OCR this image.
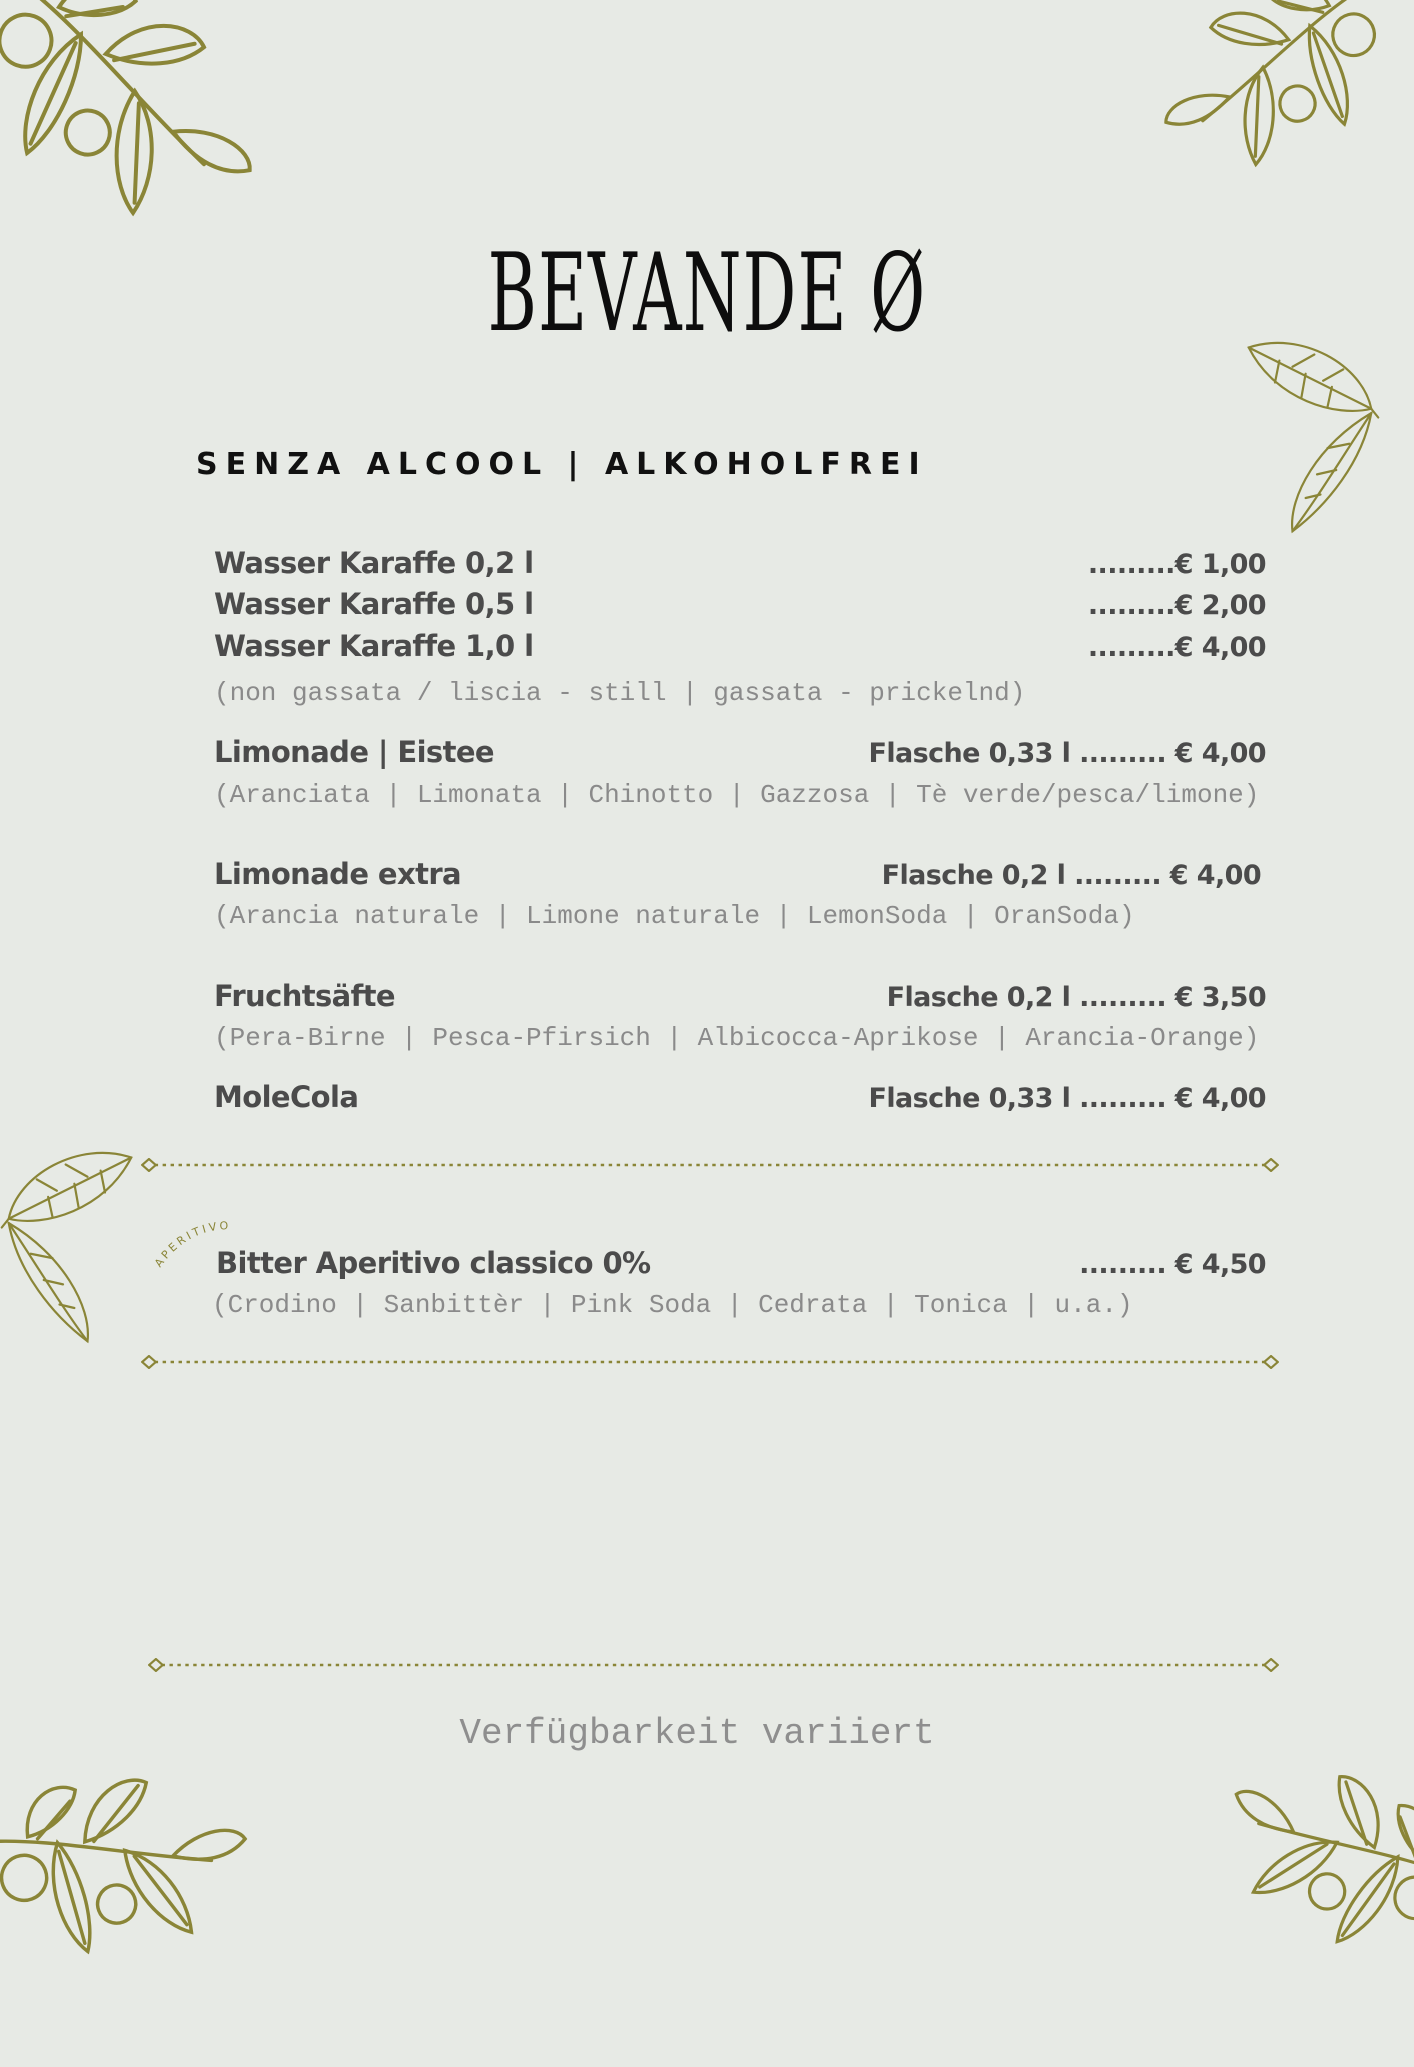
BEVANDE Ø
SENZA ALCOOL | ALKOHOLFREI
Wasser Karaffe 0,2 l	.........€ 1,00
Wasser Karaffe 0,5 l	.........€ 2,00
Wasser Karaffe 1,0 l	.........€ 4,00
(non gassata / liscia - still | gassata - prickelnd)
Limonade | Eistee	Flasche 0,33 l ......... € 4,00
(Aranciata | Limonata | Chinotto | Gazzosa | Tè verde/pesca/limone)
Limonade extra	Flasche 0,2 l ......... € 4,00
(Arancia naturale | Limone naturale | LemonSoda | OranSoda)
Fruchtsäfte	Flasche 0,2 l ......... € 3,50
(Pera-Birne | Pesca-Pfirsich | Albicocca-Aprikose | Arancia-Orange)
MoleCola	Flasche 0,33 l ......... € 4,00
APERITIVO
Bitter Aperitivo classico 0%	......... € 4,50
(Crodino | Sanbittèr | Pink Soda | Cedrata | Tonica | u.a.)
Verfügbarkeit variiert
